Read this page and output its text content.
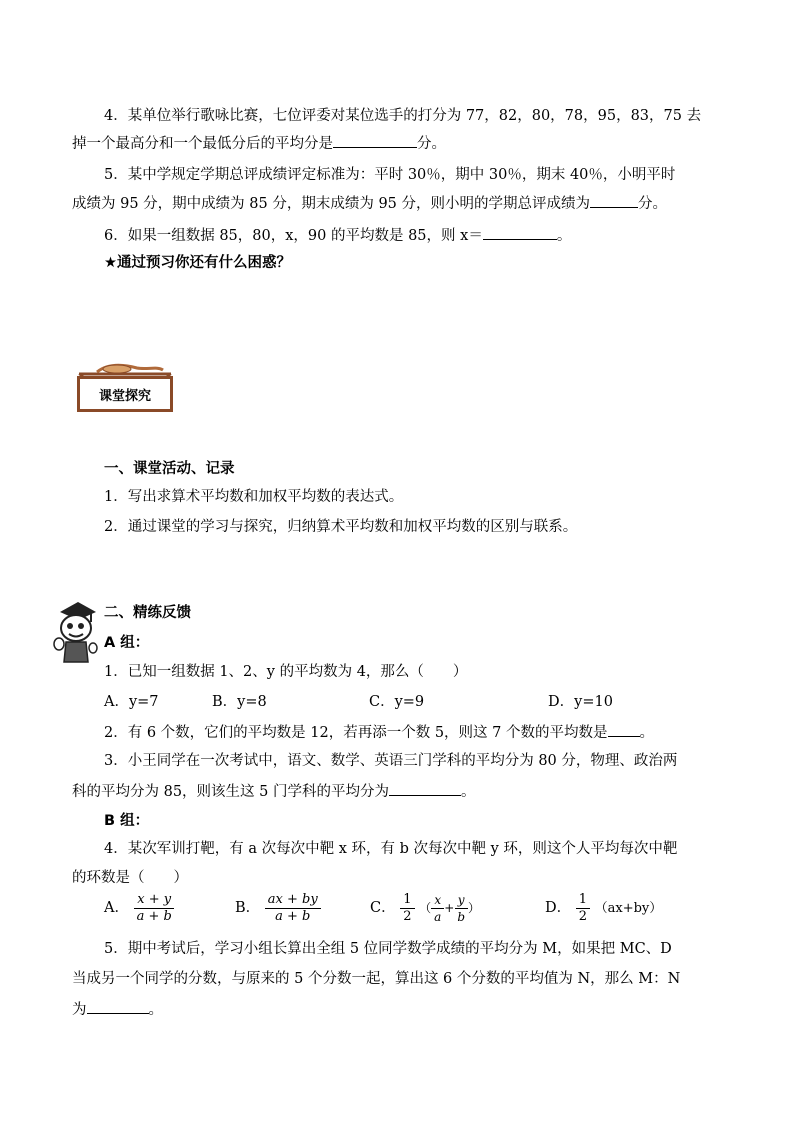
4．某单位举行歌咏比赛，七位评委对某位选手的打分为 77，82，80，78，95，83，75 去
掉一个最高分和一个最低分后的平均分是	分。
5．某中学规定学期总评成绩评定标准为：平时 30％，期中 30％，期末 40％，小明平时
成绩为 95 分，期中成绩为 85 分，期末成绩为 95 分，则小明的学期总评成绩为	分。
6．如果一组数据 85，80，x，90 的平均数是 85，则 x＝	。
★通过预习你还有什么困惑？
课堂探究
一、课堂活动、记录
1．写出求算术平均数和加权平均数的表达式。
2．通过课堂的学习与探究，归纳算术平均数和加权平均数的区别与联系。
二、精练反馈
A 组：
1．已知一组数据 1、2、y 的平均数为 4，那么（　　）
A．y=7	B．y=8	C．y=9	D．y=10
2．有 6 个数，它们的平均数是 12，若再添一个数 5，则这 7 个数的平均数是 。
3．小王同学在一次考试中，语文、数学、英语三门学科的平均分为 80 分，物理、政治两
科的平均分为 85，则该生这 5 门学科的平均分为	。
B 组：
4．某次军训打靶，有 a 次每次中靶 x 环，有 b 次每次中靶 y 环，则这个人平均每次中靶
的环数是（　　）
A． $\frac{x + y}{a + b}$	B． $\frac{ax + by}{a + b}$	C． $\frac{1}{2}$ （ $\frac{x}{a} + \frac{y}{b}$ ）	D． $\frac{1}{2} (ax+by)$
5．期中考试后，学习小组长算出全组 5 位同学数学成绩的平均分为 M，如果把 MC、D
当成另一个同学的分数，与原来的 5 个分数一起，算出这 6 个分数的平均值为 N，那么 M：N
为	。
